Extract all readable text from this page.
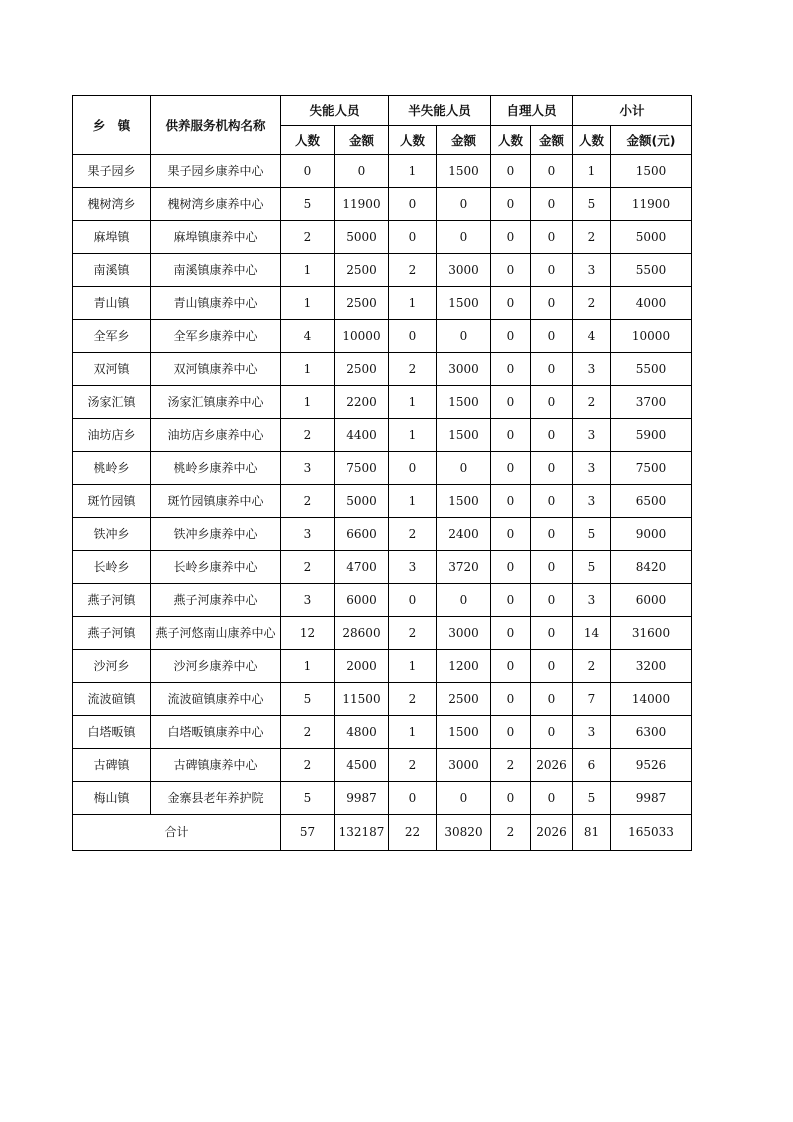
乡　镇	供养服务机构名称	失能人员		半失能人员		自理人员		小计	
		人数	金额	人数	金额	人数	金额	人数	金额(元)
果子园乡	果子园乡康养中心	0	0	1	1500	0	0	1	1500
槐树湾乡	槐树湾乡康养中心	5	11900	0	0	0	0	5	11900
麻埠镇	麻埠镇康养中心	2	5000	0	0	0	0	2	5000
南溪镇	南溪镇康养中心	1	2500	2	3000	0	0	3	5500
青山镇	青山镇康养中心	1	2500	1	1500	0	0	2	4000
全军乡	全军乡康养中心	4	10000	0	0	0	0	4	10000
双河镇	双河镇康养中心	1	2500	2	3000	0	0	3	5500
汤家汇镇	汤家汇镇康养中心	1	2200	1	1500	0	0	2	3700
油坊店乡	油坊店乡康养中心	2	4400	1	1500	0	0	3	5900
桃岭乡	桃岭乡康养中心	3	7500	0	0	0	0	3	7500
斑竹园镇	斑竹园镇康养中心	2	5000	1	1500	0	0	3	6500
铁冲乡	铁冲乡康养中心	3	6600	2	2400	0	0	5	9000
长岭乡	长岭乡康养中心	2	4700	3	3720	0	0	5	8420
燕子河镇	燕子河康养中心	3	6000	0	0	0	0	3	6000
燕子河镇	燕子河悠南山康养中心	12	28600	2	3000	0	0	14	31600
沙河乡	沙河乡康养中心	1	2000	1	1200	0	0	2	3200
流波碹镇	流波碹镇康养中心	5	11500	2	2500	0	0	7	14000
白塔畈镇	白塔畈镇康养中心	2	4800	1	1500	0	0	3	6300
古碑镇	古碑镇康养中心	2	4500	2	3000	2	2026	6	9526
梅山镇	金寨县老年养护院	5	9987	0	0	0	0	5	9987
合计		57	132187	22	30820	2	2026	81	165033
